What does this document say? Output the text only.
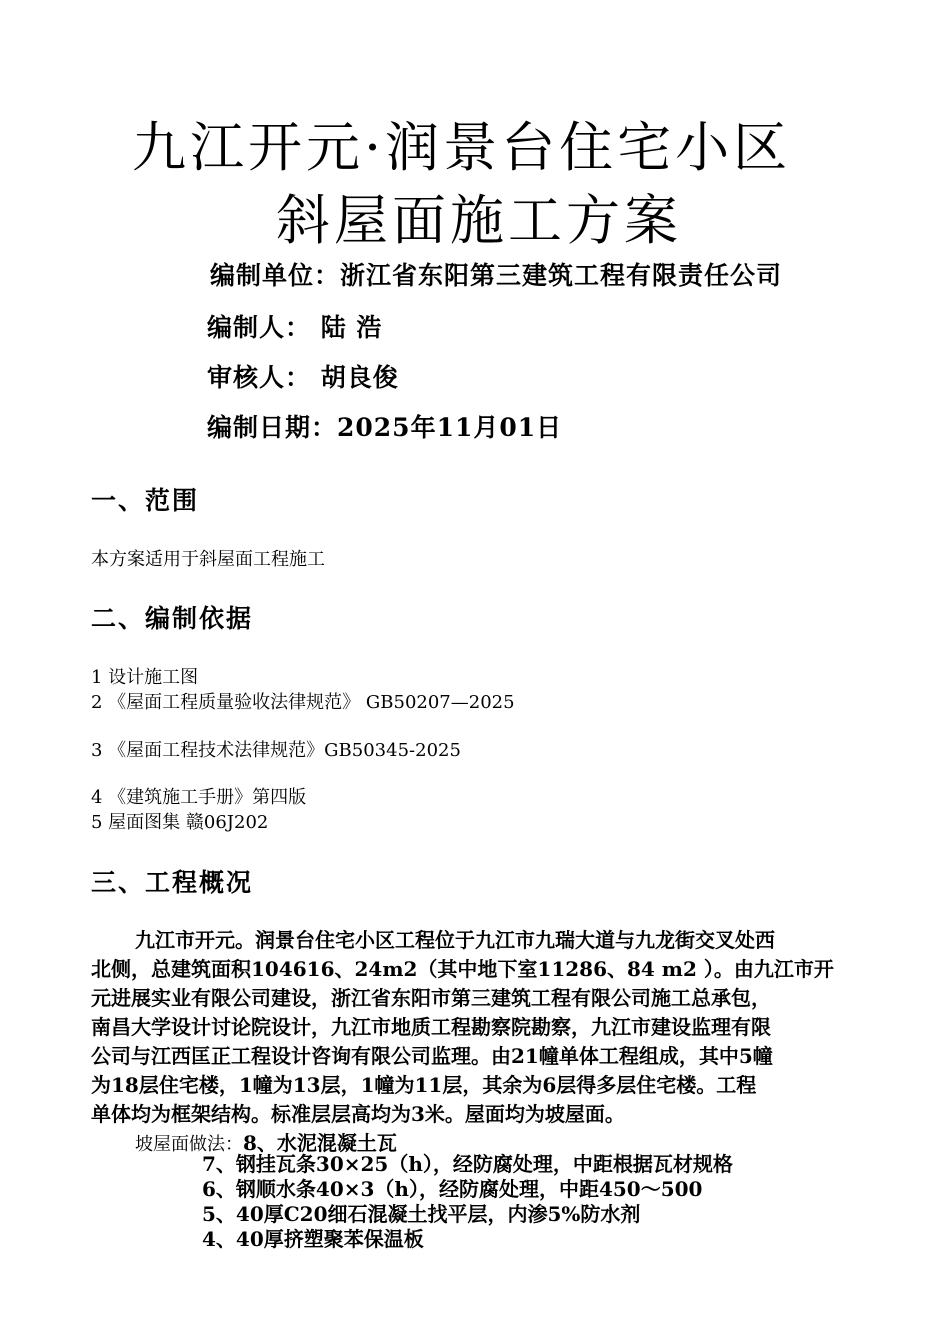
九江开元·润景台住宅小区
斜屋面施工方案
编制单位：浙江省东阳第三建筑工程有限责任公司
编制人： 陆 浩
审核人： 胡良俊
编制日期：2025年11月01日
一、范围
本方案适用于斜屋面工程施工
二、编制依据
1 设计施工图
2 《屋面工程质量验收法律规范》 GB50207—2025
3 《屋面工程技术法律规范》GB50345-2025
4 《建筑施工手册》第四版
5 屋面图集 赣06J202
三、工程概况
九江市开元。润景台住宅小区工程位于九江市九瑞大道与九龙街交叉处西
北侧，总建筑面积104616、24m2（其中地下室11286、84 m2 ）。由九江市开
元进展实业有限公司建设，浙江省东阳市第三建筑工程有限公司施工总承包，
南昌大学设计讨论院设计，九江市地质工程勘察院勘察，九江市建设监理有限
公司与江西匡正工程设计咨询有限公司监理。由21幢单体工程组成，其中5幢
为18层住宅楼，1幢为13层，1幢为11层，其余为6层得多层住宅楼。工程
单体均为框架结构。标准层层高均为3米。屋面均为坡屋面。
坡屋面做法：8、水泥混凝土瓦
7、钢挂瓦条30×25（h），经防腐处理，中距根据瓦材规格
6、钢顺水条40×3（h），经防腐处理，中距450～500
5、40厚C20细石混凝土找平层，内渗5%防水剂
4、40厚挤塑聚苯保温板
